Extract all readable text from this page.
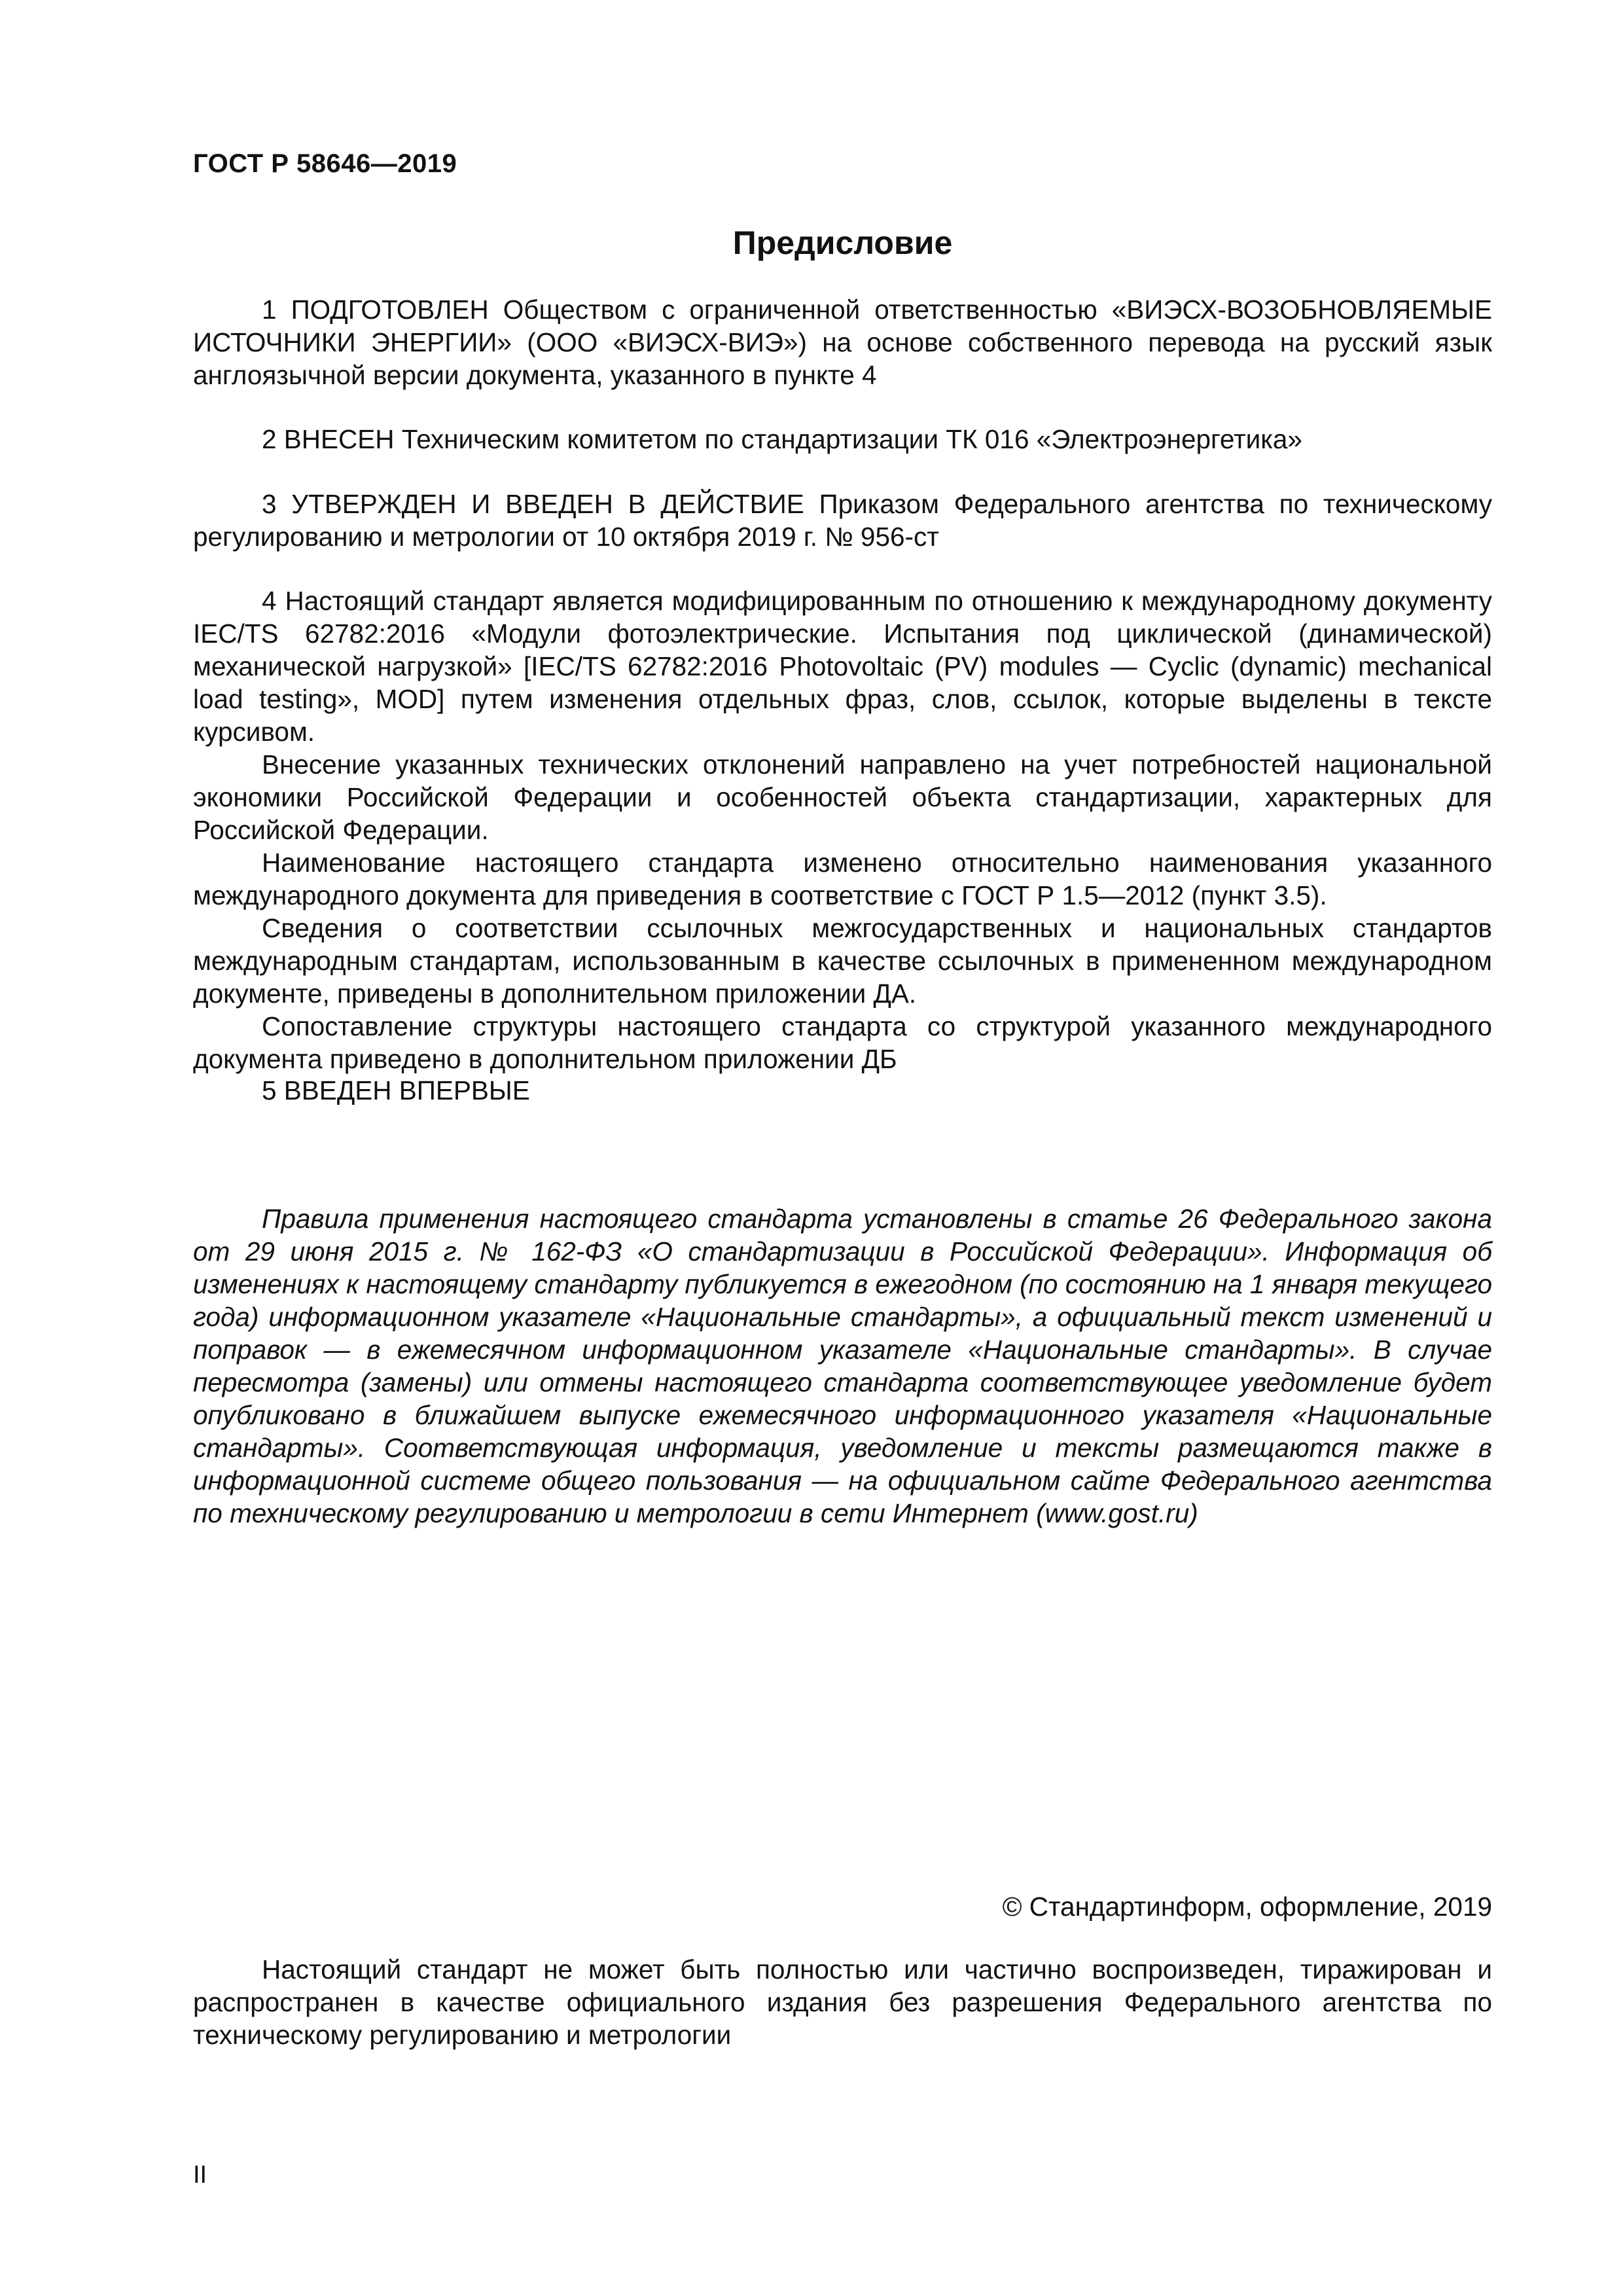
ГОСТ Р 58646—2019
Предисловие

1 ПОДГОТОВЛЕН Обществом с ограниченной ответственностью «ВИЭСХ-ВОЗОБНОВЛЯЕМЫЕ ИСТОЧНИКИ ЭНЕРГИИ» (ООО «ВИЭСХ-ВИЭ») на основе собственного перевода на русский язык англоязычной версии документа, указанного в пункте 4

2 ВНЕСЕН Техническим комитетом по стандартизации ТК 016 «Электроэнергетика»

3 УТВЕРЖДЕН И ВВЕДЕН В ДЕЙСТВИЕ Приказом Федерального агентства по техническому регулированию и метрологии от 10 октября 2019 г. № 956-ст

4 Настоящий стандарт является модифицированным по отношению к международному документу IEC/TS 62782:2016 «Модули фотоэлектрические. Испытания под циклической (динамической) механической нагрузкой» [IEC/TS 62782:2016 Photovoltaic (PV) modules — Cyclic (dynamic) mechanical load testing», MOD] путем изменения отдельных фраз, слов, ссылок, которые выделены в тексте курсивом.

Внесение указанных технических отклонений направлено на учет потребностей национальной экономики Российской Федерации и особенностей объекта стандартизации, характерных для Российской Федерации.

Наименование настоящего стандарта изменено относительно наименования указанного международного документа для приведения в соответствие с ГОСТ Р 1.5—2012 (пункт 3.5).

Сведения о соответствии ссылочных межгосударственных и национальных стандартов международным стандартам, использованным в качестве ссылочных в примененном международном документе, приведены в дополнительном приложении ДА.

Сопоставление структуры настоящего стандарта со структурой указанного международного документа приведено в дополнительном приложении ДБ

5 ВВЕДЕН ВПЕРВЫЕ

Правила применения настоящего стандарта установлены в статье 26 Федерального закона от 29 июня 2015 г. № 162-ФЗ «О стандартизации в Российской Федерации». Информация об изменениях к настоящему стандарту публикуется в ежегодном (по состоянию на 1 января текущего года) информационном указателе «Национальные стандарты», а официальный текст изменений и поправок — в ежемесячном информационном указателе «Национальные стандарты». В случае пересмотра (замены) или отмены настоящего стандарта соответствующее уведомление будет опубликовано в ближайшем выпуске ежемесячного информационного указателя «Национальные стандарты». Соответствующая информация, уведомление и тексты размещаются также в информационной системе общего пользования — на официальном сайте Федерального агентства по техническому регулированию и метрологии в сети Интернет (www.gost.ru)

© Стандартинформ, оформление, 2019

Настоящий стандарт не может быть полностью или частично воспроизведен, тиражирован и распространен в качестве официального издания без разрешения Федерального агентства по техническому регулированию и метрологии

II
